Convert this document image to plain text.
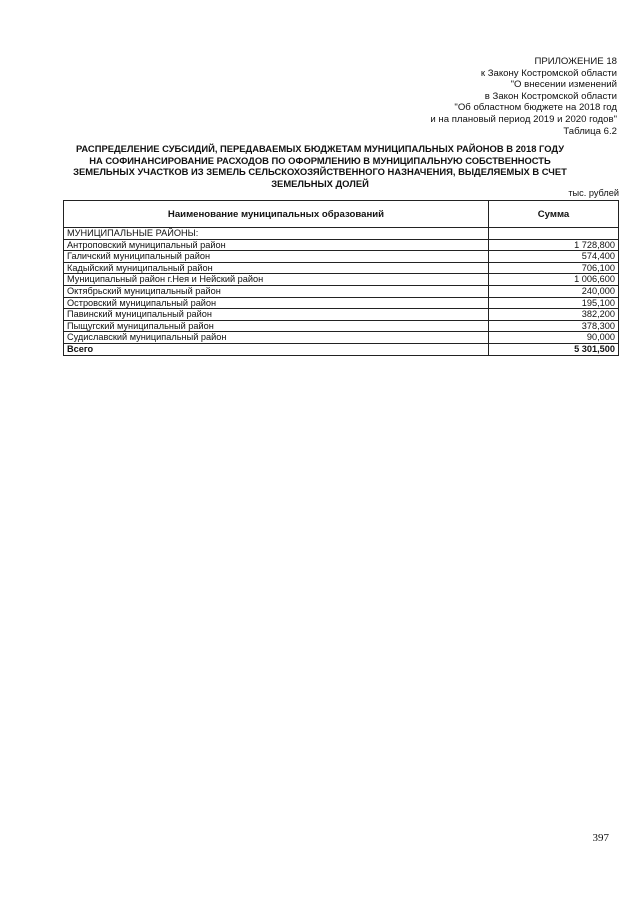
ПРИЛОЖЕНИЕ 18
к Закону Костромской области
"О внесении изменений
в Закон Костромской области
"Об областном бюджете на 2018 год
и на плановый период 2019 и 2020 годов"
Таблица 6.2
РАСПРЕДЕЛЕНИЕ СУБСИДИЙ, ПЕРЕДАВАЕМЫХ БЮДЖЕТАМ МУНИЦИПАЛЬНЫХ РАЙОНОВ В 2018 ГОДУ НА СОФИНАНСИРОВАНИЕ РАСХОДОВ ПО ОФОРМЛЕНИЮ В МУНИЦИПАЛЬНУЮ СОБСТВЕННОСТЬ ЗЕМЕЛЬНЫХ УЧАСТКОВ ИЗ ЗЕМЕЛЬ СЕЛЬСКОХОЗЯЙСТВЕННОГО НАЗНАЧЕНИЯ, ВЫДЕЛЯЕМЫХ В СЧЕТ ЗЕМЕЛЬНЫХ ДОЛЕЙ
тыс. рублей
Наименование муниципальных образований	Сумма
МУНИЦИПАЛЬНЫЕ РАЙОНЫ:	
Антроповский муниципальный район	1 728,800
Галичский муниципальный район	574,400
Кадыйский муниципальный район	706,100
Муниципальный район г.Нея и Нейский район	1 006,600
Октябрьский муниципальный район	240,000
Островский муниципальный район	195,100
Павинский муниципальный район	382,200
Пыщугский муниципальный район	378,300
Судиславский муниципальный район	90,000
Всего	5 301,500
397
